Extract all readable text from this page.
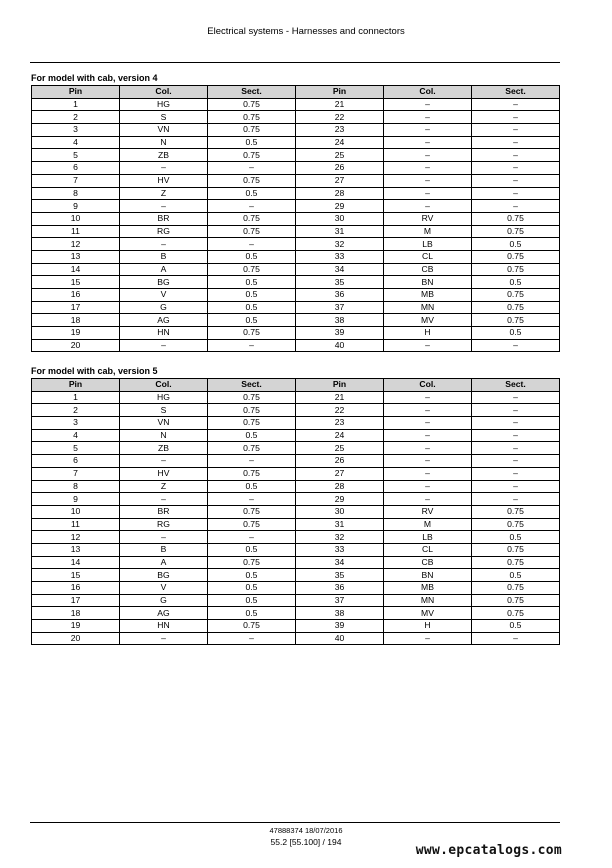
Electrical systems - Harnesses and connectors
For model with cab, version 4
Pin	Col.	Sect.	Pin	Col.	Sect.
1	HG	0.75	21	–	–
2	S	0.75	22	–	–
3	VN	0.75	23	–	–
4	N	0.5	24	–	–
5	ZB	0.75	25	–	–
6	–	–	26	–	–
7	HV	0.75	27	–	–
8	Z	0.5	28	–	–
9	–	–	29	–	–
10	BR	0.75	30	RV	0.75
11	RG	0.75	31	M	0.75
12	–	–	32	LB	0.5
13	B	0.5	33	CL	0.75
14	A	0.75	34	CB	0.75
15	BG	0.5	35	BN	0.5
16	V	0.5	36	MB	0.75
17	G	0.5	37	MN	0.75
18	AG	0.5	38	MV	0.75
19	HN	0.75	39	H	0.5
20	–	–	40	–	–
For model with cab, version 5
Pin	Col.	Sect.	Pin	Col.	Sect.
1	HG	0.75	21	–	–
2	S	0.75	22	–	–
3	VN	0.75	23	–	–
4	N	0.5	24	–	–
5	ZB	0.75	25	–	–
6	–	–	26	–	–
7	HV	0.75	27	–	–
8	Z	0.5	28	–	–
9	–	–	29	–	–
10	BR	0.75	30	RV	0.75
11	RG	0.75	31	M	0.75
12	–	–	32	LB	0.5
13	B	0.5	33	CL	0.75
14	A	0.75	34	CB	0.75
15	BG	0.5	35	BN	0.5
16	V	0.5	36	MB	0.75
17	G	0.5	37	MN	0.75
18	AG	0.5	38	MV	0.75
19	HN	0.75	39	H	0.5
20	–	–	40	–	–
47888374 18/07/2016
55.2 [55.100] / 194
www.epcatalogs.com
